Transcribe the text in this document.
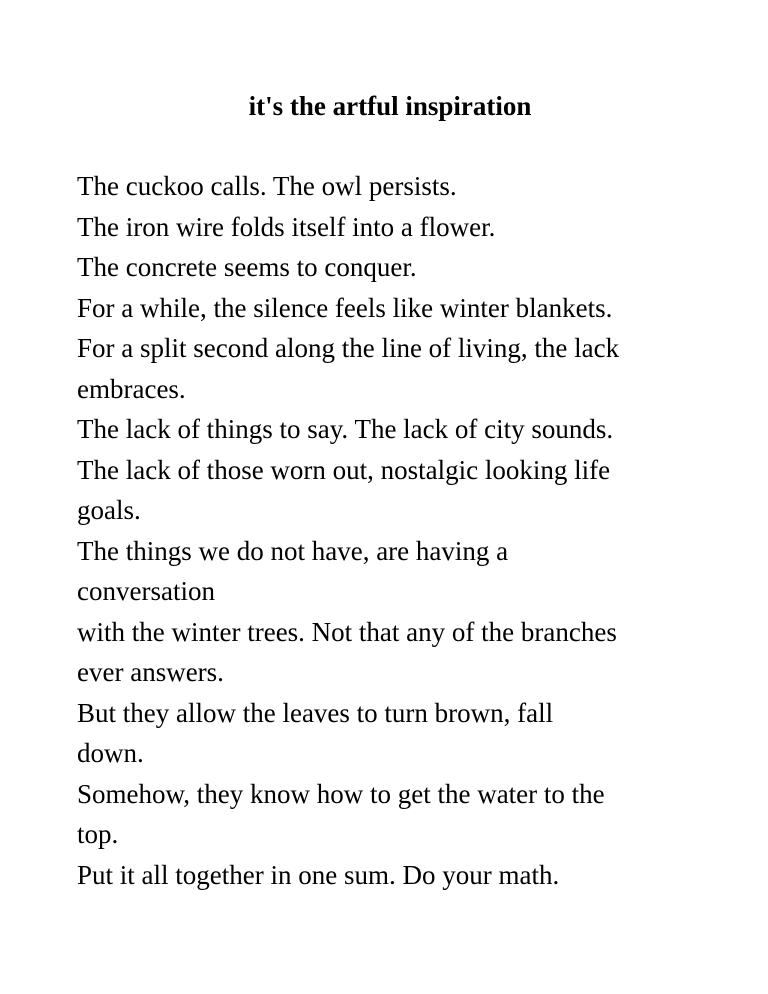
it's the artful inspiration

The cuckoo calls. The owl persists.

The iron wire folds itself into a flower.

The concrete seems to conquer.

For a while, the silence feels like winter blankets.

For a split second along the line of living, the lack

embraces.

The lack of things to say. The lack of city sounds.

The lack of those worn out, nostalgic looking life

goals.

The things we do not have, are having a

conversation

with the winter trees. Not that any of the branches

ever answers.

But they allow the leaves to turn brown, fall

down.

Somehow, they know how to get the water to the

top.

Put it all together in one sum. Do your math.
